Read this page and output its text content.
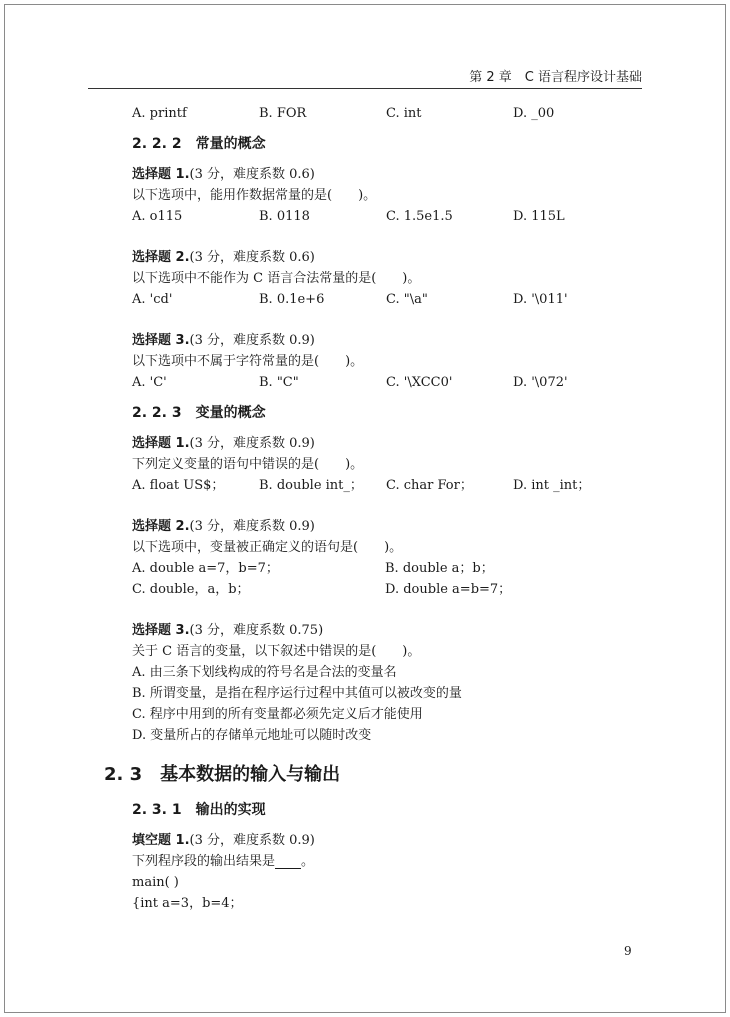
第 2 章　C 语言程序设计基础
A. printf	B. FOR	C. int	D. _00
2. 2. 2　常量的概念
选择题 1.(3 分，难度系数 0.6)
以下选项中，能用作数据常量的是(　　)。
A. o115	B. 0118	C. 1.5e1.5	D. 115L
选择题 2.(3 分，难度系数 0.6)
以下选项中不能作为 C 语言合法常量的是(　　)。
A. 'cd'	B. 0.1e+6	C. "\a"	D. '\011'
选择题 3.(3 分，难度系数 0.9)
以下选项中不属于字符常量的是(　　)。
A. 'C'	B. "C"	C. '\XCC0'	D. '\072'
2. 2. 3　变量的概念
选择题 1.(3 分，难度系数 0.9)
下列定义变量的语句中错误的是(　　)。
A. float US$；	B. double int_；	C. char For；	D. int _int；
选择题 2.(3 分，难度系数 0.9)
以下选项中，变量被正确定义的语句是(　　)。
A. double a=7，b=7；	B. double a；b；
C. double，a，b；	D. double a=b=7；
选择题 3.(3 分，难度系数 0.75)
关于 C 语言的变量，以下叙述中错误的是(　　)。
A. 由三条下划线构成的符号名是合法的变量名
B. 所谓变量，是指在程序运行过程中其值可以被改变的量
C. 程序中用到的所有变量都必须先定义后才能使用
D. 变量所占的存储单元地址可以随时改变
2. 3　基本数据的输入与输出
2. 3. 1　输出的实现
填空题 1.(3 分，难度系数 0.9)
下列程序段的输出结果是 。
main( )
{int a=3，b=4；
9
